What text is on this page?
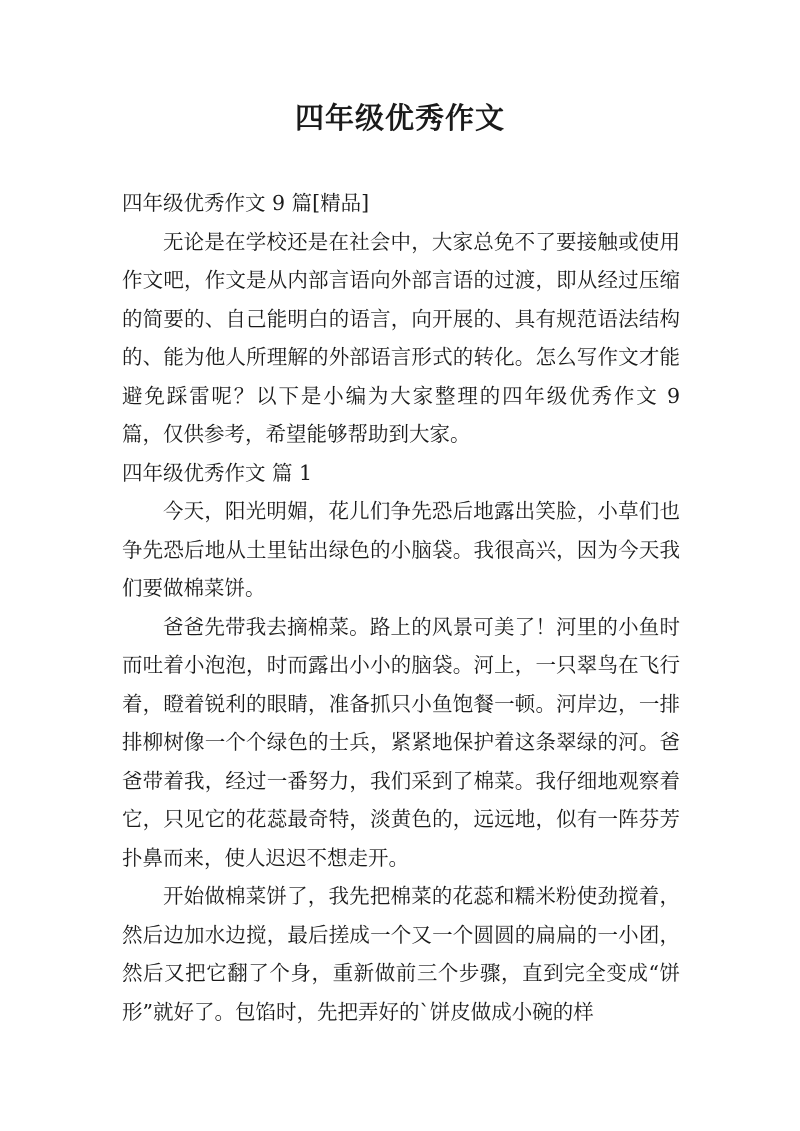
四年级优秀作文

四年级优秀作文 9 篇[精品]

无论是在学校还是在社会中，大家总免不了要接触或使用作文吧，作文是从内部言语向外部言语的过渡，即从经过压缩的简要的、自己能明白的语言，向开展的、具有规范语法结构的、能为他人所理解的外部语言形式的转化。怎么写作文才能避免踩雷呢？以下是小编为大家整理的四年级优秀作文 9 篇，仅供参考，希望能够帮助到大家。

四年级优秀作文 篇 1

今天，阳光明媚，花儿们争先恐后地露出笑脸，小草们也争先恐后地从土里钻出绿色的小脑袋。我很高兴，因为今天我们要做棉菜饼。

爸爸先带我去摘棉菜。路上的风景可美了！河里的小鱼时而吐着小泡泡，时而露出小小的脑袋。河上，一只翠鸟在飞行着，瞪着锐利的眼睛，准备抓只小鱼饱餐一顿。河岸边，一排排柳树像一个个绿色的士兵，紧紧地保护着这条翠绿的河。爸爸带着我，经过一番努力，我们采到了棉菜。我仔细地观察着它，只见它的花蕊最奇特，淡黄色的，远远地，似有一阵芬芳扑鼻而来，使人迟迟不想走开。

开始做棉菜饼了，我先把棉菜的花蕊和糯米粉使劲搅着，然后边加水边搅，最后搓成一个又一个圆圆的扁扁的一小团，然后又把它翻了个身，重新做前三个步骤，直到完全变成“饼形”就好了。包馅时，先把弄好的`饼皮做成小碗的样
